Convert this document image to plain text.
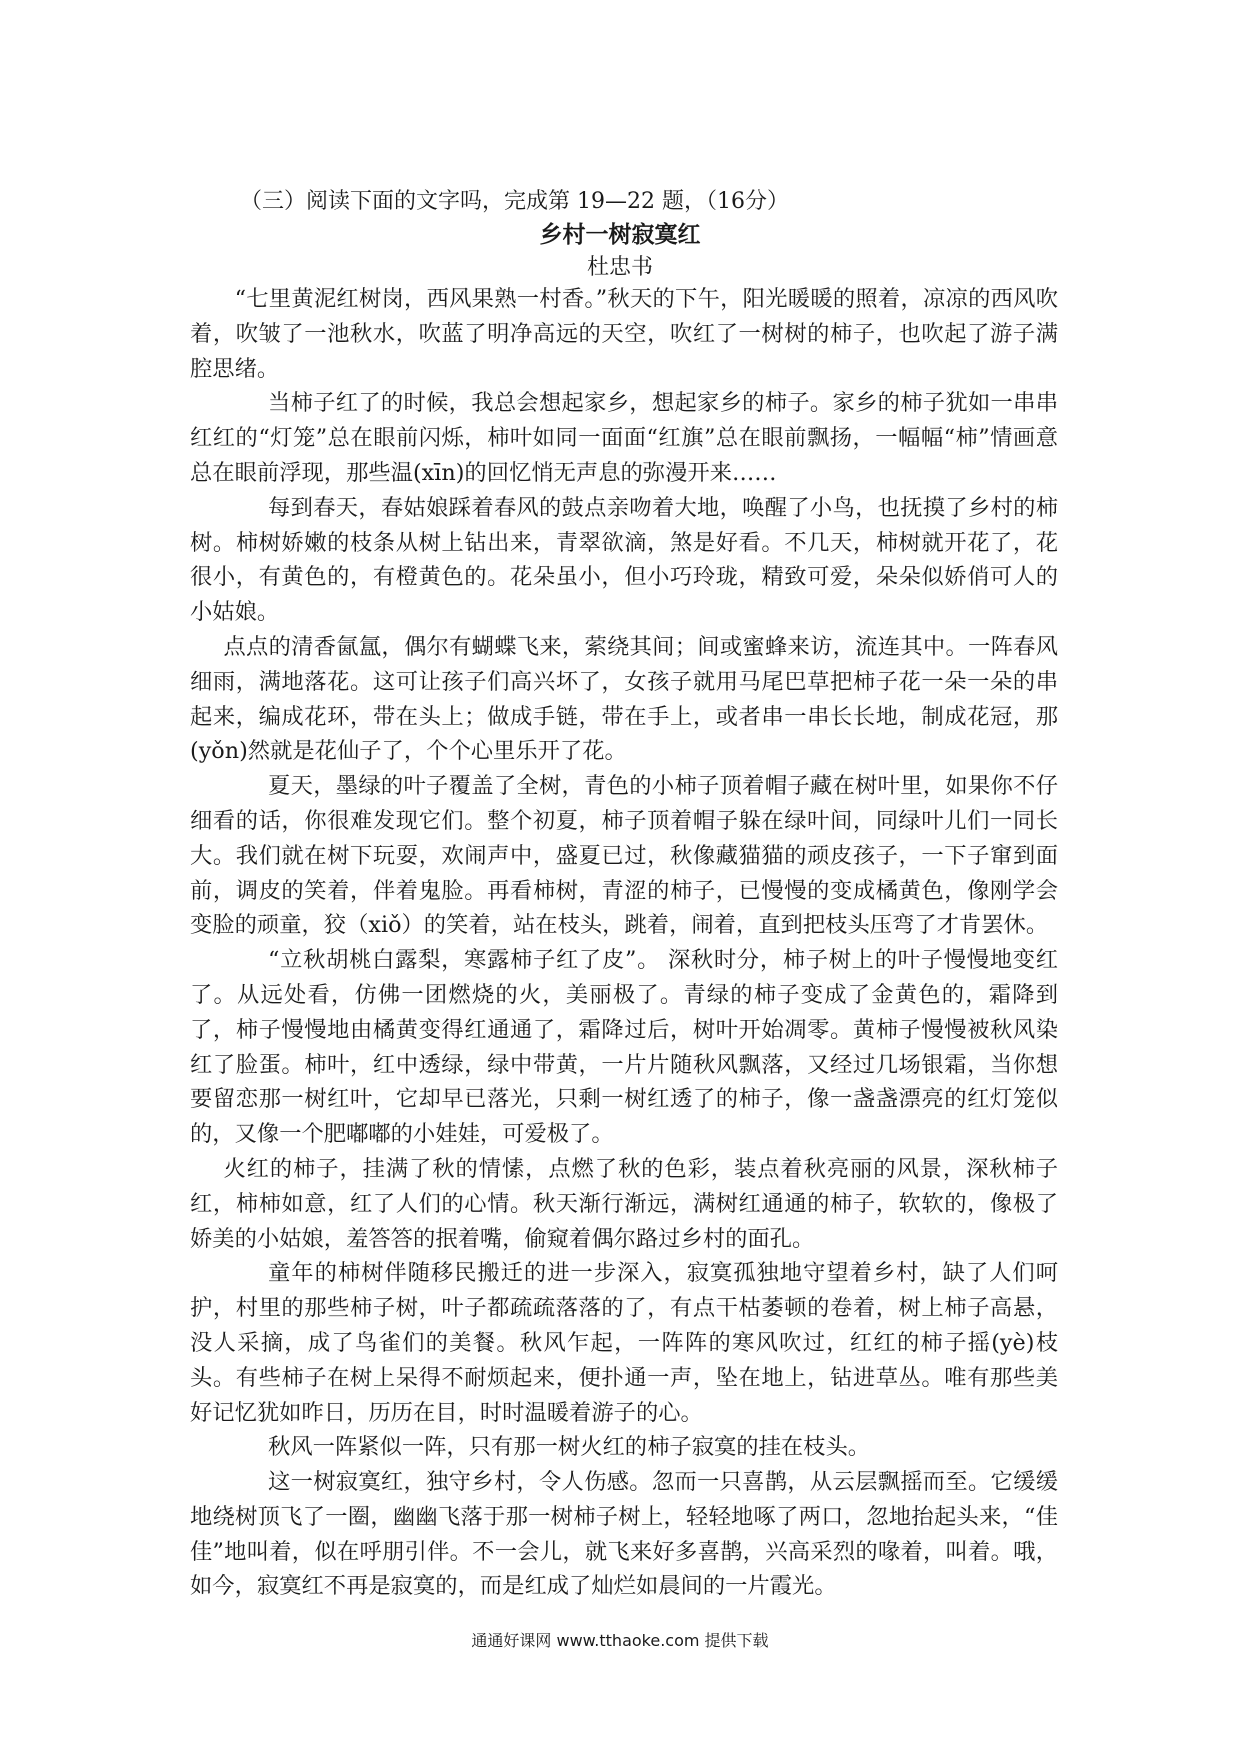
（三）阅读下面的文字吗，完成第 19—22 题，（16分）
乡村一树寂寞红
杜忠书

“七里黄泥红树岗，西风果熟一村香。”秋天的下午，阳光暖暖的照着，凉凉的西风吹着，吹皱了一池秋水，吹蓝了明净高远的天空，吹红了一树树的柿子，也吹起了游子满腔思绪。

当柿子红了的时候，我总会想起家乡，想起家乡的柿子。家乡的柿子犹如一串串红红的“灯笼”总在眼前闪烁，柿叶如同一面面“红旗”总在眼前飘扬，一幅幅“柿”情画意总在眼前浮现，那些温(xīn)的回忆悄无声息的弥漫开来……

每到春天，春姑娘踩着春风的鼓点亲吻着大地，唤醒了小鸟，也抚摸了乡村的柿树。柿树娇嫩的枝条从树上钻出来，青翠欲滴，煞是好看。不几天，柿树就开花了，花很小，有黄色的，有橙黄色的。花朵虽小，但小巧玲珑，精致可爱，朵朵似娇俏可人的小姑娘。

点点的清香氤氲，偶尔有蝴蝶飞来，萦绕其间；间或蜜蜂来访，流连其中。一阵春风细雨，满地落花。这可让孩子们高兴坏了，女孩子就用马尾巴草把柿子花一朵一朵的串起来，编成花环，带在头上；做成手链，带在手上，或者串一串长长地，制成花冠，那(yǒn)然就是花仙子了，个个心里乐开了花。

夏天，墨绿的叶子覆盖了全树，青色的小柿子顶着帽子藏在树叶里，如果你不仔细看的话，你很难发现它们。整个初夏，柿子顶着帽子躲在绿叶间，同绿叶儿们一同长大。我们就在树下玩耍，欢闹声中，盛夏已过，秋像藏猫猫的顽皮孩子，一下子窜到面前，调皮的笑着，伴着鬼脸。再看柿树，青涩的柿子，已慢慢的变成橘黄色，像刚学会变脸的顽童，狡（xiǒ）的笑着，站在枝头，跳着，闹着，直到把枝头压弯了才肯罢休。

“立秋胡桃白露梨，寒露柿子红了皮”。 深秋时分，柿子树上的叶子慢慢地变红了。从远处看，仿佛一团燃烧的火，美丽极了。青绿的柿子变成了金黄色的，霜降到了，柿子慢慢地由橘黄变得红通通了，霜降过后，树叶开始凋零。黄柿子慢慢被秋风染红了脸蛋。柿叶，红中透绿，绿中带黄，一片片随秋风飘落，又经过几场银霜，当你想要留恋那一树红叶，它却早已落光，只剩一树红透了的柿子，像一盏盏漂亮的红灯笼似的，又像一个肥嘟嘟的小娃娃，可爱极了。

火红的柿子，挂满了秋的情愫，点燃了秋的色彩，装点着秋亮丽的风景，深秋柿子红，柿柿如意，红了人们的心情。秋天渐行渐远，满树红通通的柿子，软软的，像极了娇美的小姑娘，羞答答的抿着嘴，偷窥着偶尔路过乡村的面孔。

童年的柿树伴随移民搬迁的进一步深入，寂寞孤独地守望着乡村，缺了人们呵护，村里的那些柿子树，叶子都疏疏落落的了，有点干枯萎顿的卷着，树上柿子高悬，没人采摘，成了鸟雀们的美餐。秋风乍起，一阵阵的寒风吹过，红红的柿子摇(yè)枝头。有些柿子在树上呆得不耐烦起来，便扑通一声，坠在地上，钻进草丛。唯有那些美好记忆犹如昨日，历历在目，时时温暖着游子的心。

秋风一阵紧似一阵，只有那一树火红的柿子寂寞的挂在枝头。

这一树寂寞红，独守乡村，令人伤感。忽而一只喜鹊，从云层飘摇而至。它缓缓地绕树顶飞了一圈，幽幽飞落于那一树柿子树上，轻轻地啄了两口，忽地抬起头来，“佳佳”地叫着，似在呼朋引伴。不一会儿，就飞来好多喜鹊，兴高采烈的喙着，叫着。哦，如今，寂寞红不再是寂寞的，而是红成了灿烂如晨间的一片霞光。

通通好课网 www.tthaoke.com 提供下载
